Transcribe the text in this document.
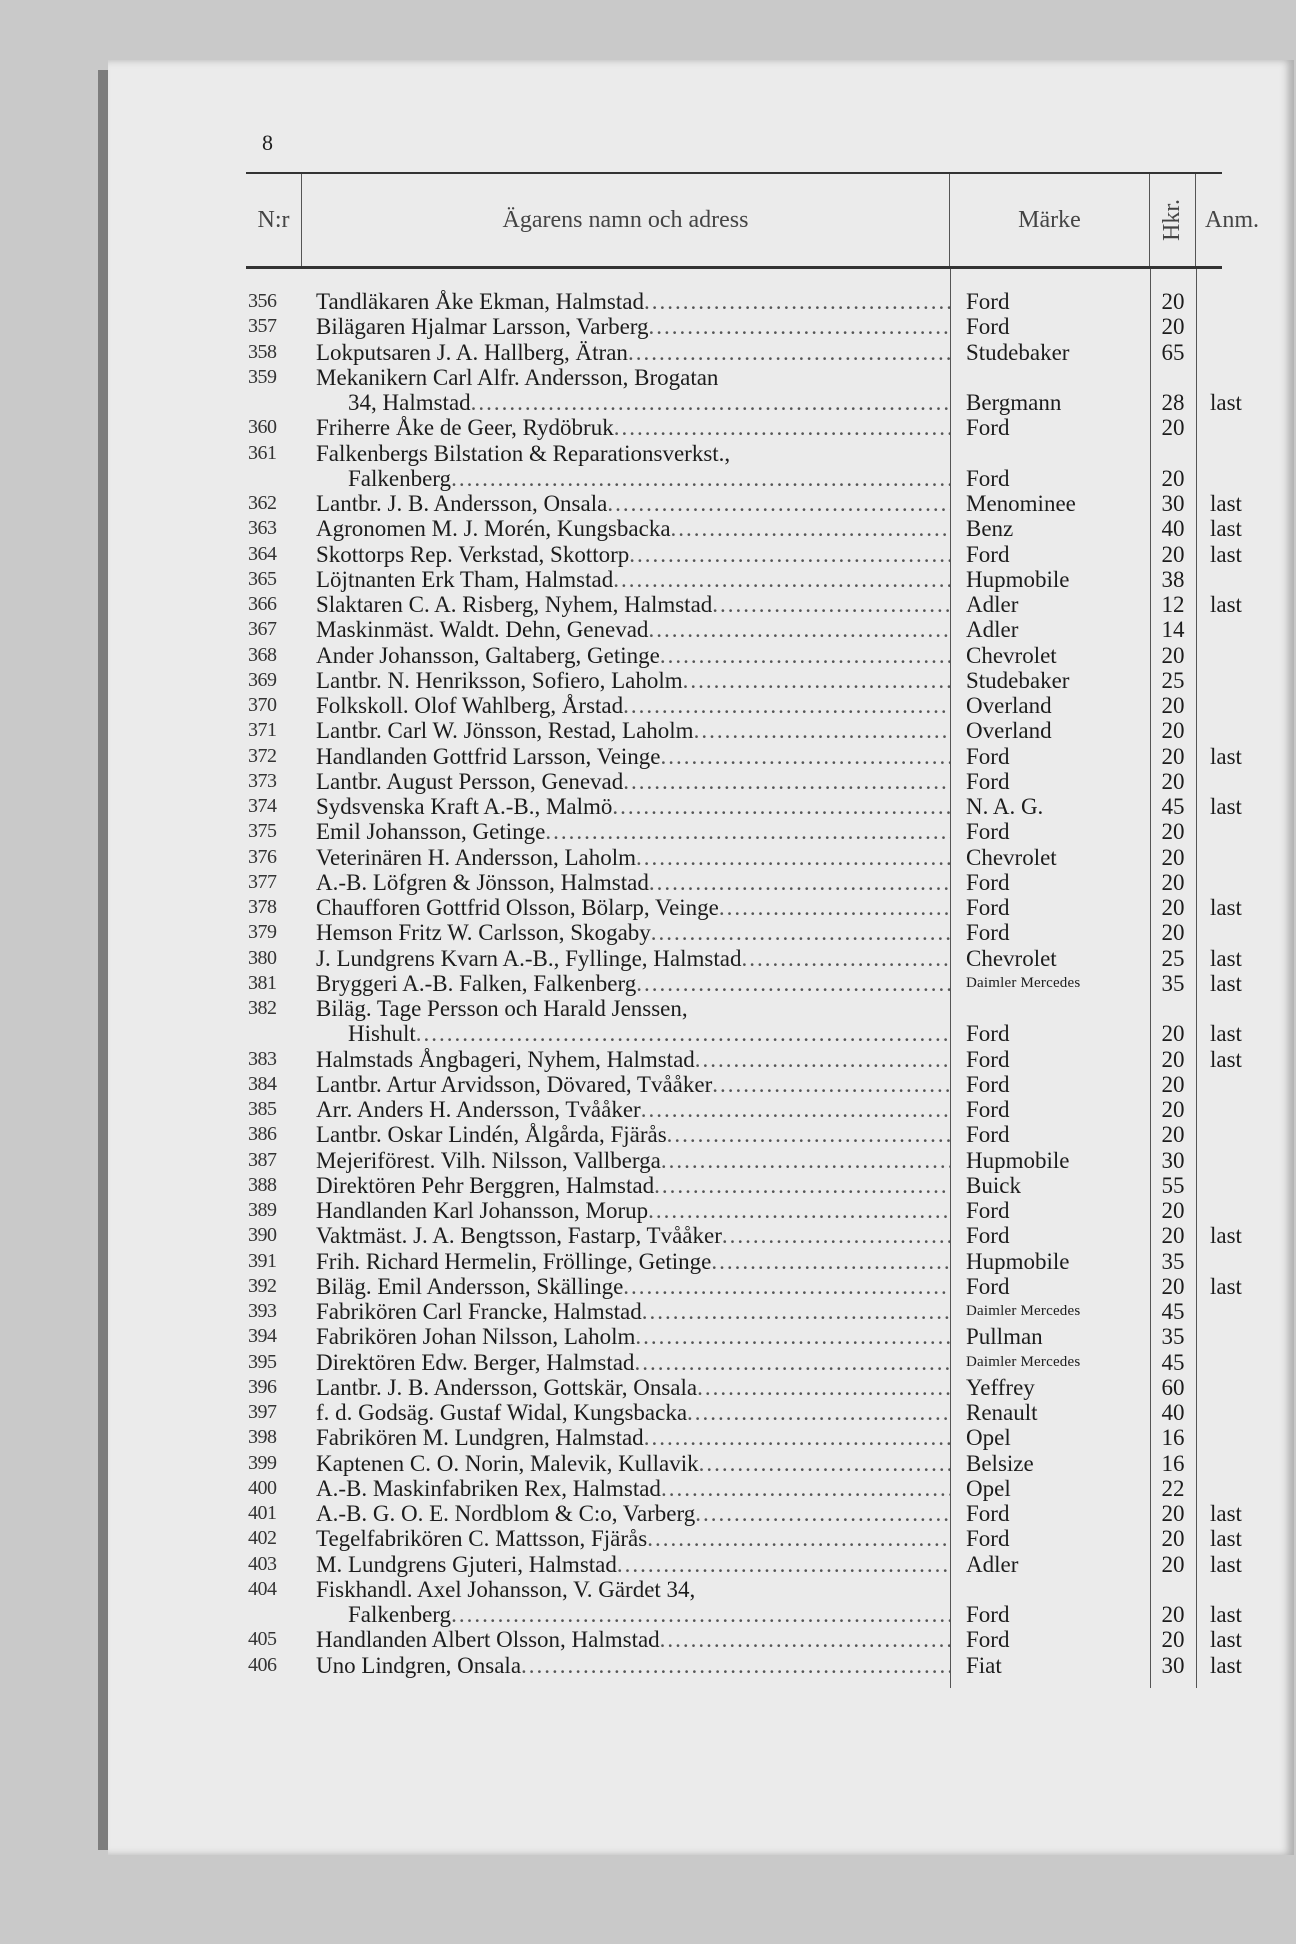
8
N:r	Ägarens namn och adress	Märke	Hkr. Anm.
356	Tandläkaren Åke Ekman, Halmstad .....	Ford	20
357	Bilägaren Hjalmar Larsson, Varberg .....	Ford	20
358	Lokputsaren J. A. Hallberg, Ätran .....	Studebaker	65
359	Mekanikern Carl Alfr. Andersson, Brogatan
34, Halmstad .....	Bergmann	28	last
360	Friherre Åke de Geer, Rydöbruk .....	Ford	20
361	Falkenbergs Bilstation & Reparationsverkst.,
Falkenberg .....	Ford	20
362	Lantbr. J. B. Andersson, Onsala .....	Menominee	30	last
363	Agronomen M. J. Morén, Kungsbacka .....	Benz	40	last
364	Skottorps Rep. Verkstad, Skottorp .....	Ford	20	last
365	Löjtnanten Erk Tham, Halmstad .....	Hupmobile	38
366	Slaktaren C. A. Risberg, Nyhem, Halmstad .....	Adler	12	last
367	Maskinmäst. Waldt. Dehn, Genevad .....	Adler	14
368	Ander Johansson, Galtaberg, Getinge .....	Chevrolet	20
369	Lantbr. N. Henriksson, Sofiero, Laholm .....	Studebaker	25
370	Folkskoll. Olof Wahlberg, Årstad .....	Overland	20
371	Lantbr. Carl W. Jönsson, Restad, Laholm .....	Overland	20
372	Handlanden Gottfrid Larsson, Veinge .....	Ford	20	last
373	Lantbr. August Persson, Genevad .....	Ford	20
374	Sydsvenska Kraft A.-B., Malmö .....	N. A. G.	45	last
375	Emil Johansson, Getinge .....	Ford	20
376	Veterinären H. Andersson, Laholm .....	Chevrolet	20
377	A.-B. Löfgren & Jönsson, Halmstad .....	Ford	20
378	Chaufforen Gottfrid Olsson, Bölarp, Veinge .....	Ford	20	last
379	Hemson Fritz W. Carlsson, Skogaby .....	Ford	20
380	J. Lundgrens Kvarn A.-B., Fyllinge, Halmstad .....	Chevrolet	25	last
381	Bryggeri A.-B. Falken, Falkenberg .....	Daimler Mercedes	35	last
382	Biläg. Tage Persson och Harald Jenssen,
Hishult .....	Ford	20	last
383	Halmstads Ångbageri, Nyhem, Halmstad .....	Ford	20	last
384	Lantbr. Artur Arvidsson, Dövared, Tvååker .....	Ford	20
385	Arr. Anders H. Andersson, Tvååker .....	Ford	20
386	Lantbr. Oskar Lindén, Ålgårda, Fjärås .....	Ford	20
387	Mejeriförest. Vilh. Nilsson, Vallberga .....	Hupmobile	30
388	Direktören Pehr Berggren, Halmstad .....	Buick	55
389	Handlanden Karl Johansson, Morup .....	Ford	20
390	Vaktmäst. J. A. Bengtsson, Fastarp, Tvååker .....	Ford	20	last
391	Frih. Richard Hermelin, Fröllinge, Getinge .....	Hupmobile	35
392	Biläg. Emil Andersson, Skällinge .....	Ford	20	last
393	Fabrikören Carl Francke, Halmstad .....	Daimler Mercedes	45
394	Fabrikören Johan Nilsson, Laholm .....	Pullman	35
395	Direktören Edw. Berger, Halmstad .....	Daimler Mercedes	45
396	Lantbr. J. B. Andersson, Gottskär, Onsala .....	Yeffrey	60
397	f. d. Godsäg. Gustaf Widal, Kungsbacka .....	Renault	40
398	Fabrikören M. Lundgren, Halmstad .....	Opel	16
399	Kaptenen C. O. Norin, Malevik, Kullavik .....	Belsize	16
400	A.-B. Maskinfabriken Rex, Halmstad .....	Opel	22
401	A.-B. G. O. E. Nordblom & C:o, Varberg .....	Ford	20	last
402	Tegelfabrikören C. Mattsson, Fjärås .....	Ford	20	last
403	M. Lundgrens Gjuteri, Halmstad .....	Adler	20	last
404	Fiskhandl. Axel Johansson, V. Gärdet 34,
Falkenberg .....	Ford	20	last
405	Handlanden Albert Olsson, Halmstad .....	Ford	20	last
406	Uno Lindgren, Onsala .....	Fiat	30	last
